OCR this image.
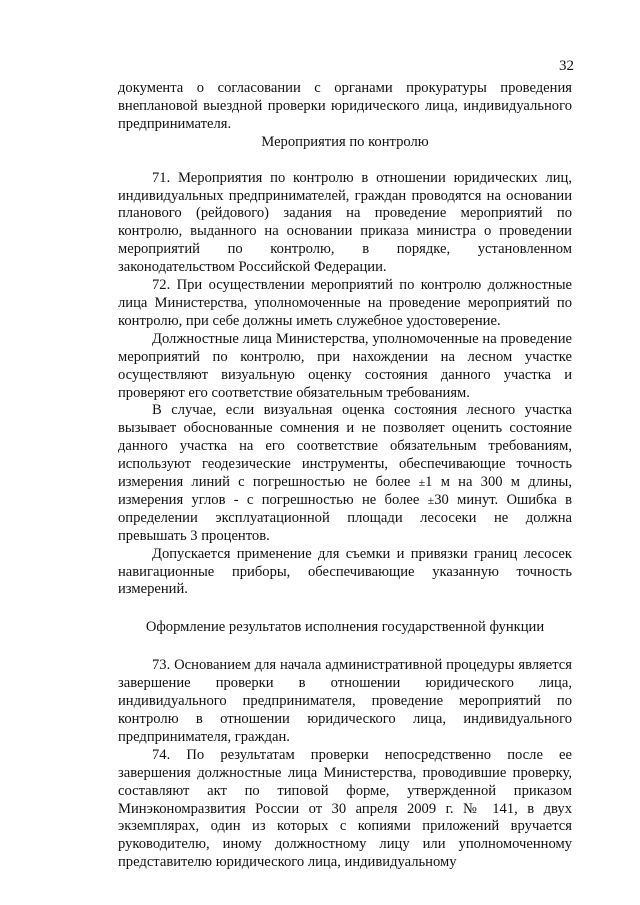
32

документа о согласовании с органами прокуратуры проведения внеплановой выездной проверки юридического лица, индивидуального предпринимателя.

Мероприятия по контролю

71. Мероприятия по контролю в отношении юридических лиц, индивидуальных предпринимателей, граждан проводятся на основании планового (рейдового) задания на проведение мероприятий по контролю, выданного на основании приказа министра о проведении мероприятий по контролю, в порядке, установленном законодательством Российской Федерации.

72. При осуществлении мероприятий по контролю должностные лица Министерства, уполномоченные на проведение мероприятий по контролю, при себе должны иметь служебное удостоверение.

Должностные лица Министерства, уполномоченные на проведение мероприятий по контролю, при нахождении на лесном участке осуществляют визуальную оценку состояния данного участка и проверяют его соответствие обязательным требованиям.

В случае, если визуальная оценка состояния лесного участка вызывает обоснованные сомнения и не позволяет оценить состояние данного участка на его соответствие обязательным требованиям, используют геодезические инструменты, обеспечивающие точность измерения линий с погрешностью не более ±1 м на 300 м длины, измерения углов - с погрешностью не более ±30 минут. Ошибка в определении эксплуатационной площади лесосеки не должна превышать 3 процентов.

Допускается применение для съемки и привязки границ лесосек навигационные приборы, обеспечивающие указанную точность измерений.

Оформление результатов исполнения государственной функции

73. Основанием для начала административной процедуры является завершение проверки в отношении юридического лица, индивидуального предпринимателя, проведение мероприятий по контролю в отношении юридического лица, индивидуального предпринимателя, граждан.

74. По результатам проверки непосредственно после ее завершения должностные лица Министерства, проводившие проверку, составляют акт по типовой форме, утвержденной приказом Минэкономразвития России от 30 апреля 2009 г. № 141, в двух экземплярах, один из которых с копиями приложений вручается руководителю, иному должностному лицу или уполномоченному представителю юридического лица, индивидуальному
